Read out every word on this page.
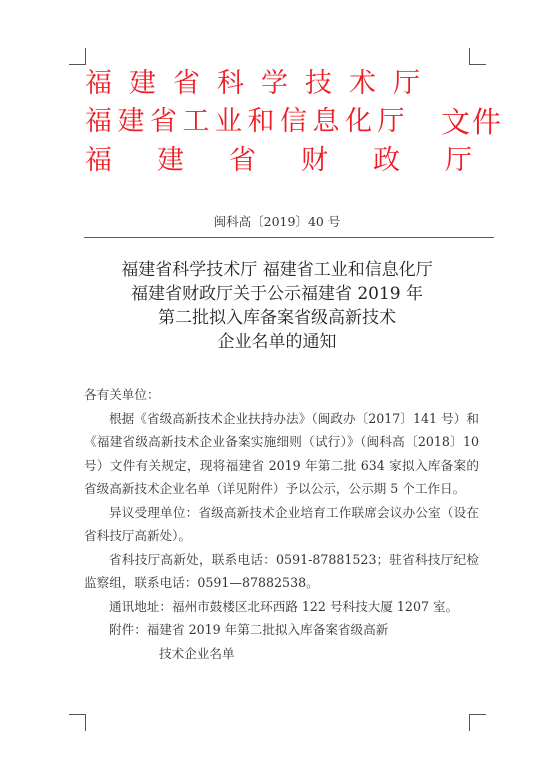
福建省科学技术厅
福建省工业和信息化厅
福建省财政厅
文件
闽科高〔2019〕40 号
福建省科学技术厅 福建省工业和信息化厅
福建省财政厅关于公示福建省 2019 年
第二批拟入库备案省级高新技术
企业名单的通知
各有关单位：
根据《省级高新技术企业扶持办法》（闽政办〔2017〕141 号）和《福建省级高新技术企业备案实施细则（试行）》（闽科高〔2018〕10 号）文件有关规定，现将福建省 2019 年第二批 634 家拟入库备案的省级高新技术企业名单（详见附件）予以公示，公示期 5 个工作日。
异议受理单位：省级高新技术企业培育工作联席会议办公室（设在省科技厅高新处）。
省科技厅高新处，联系电话：0591-87881523；驻省科技厅纪检监察组，联系电话：0591—87882538。
通讯地址：福州市鼓楼区北环西路 122 号科技大厦 1207 室。
附件：福建省 2019 年第二批拟入库备案省级高新
技术企业名单
